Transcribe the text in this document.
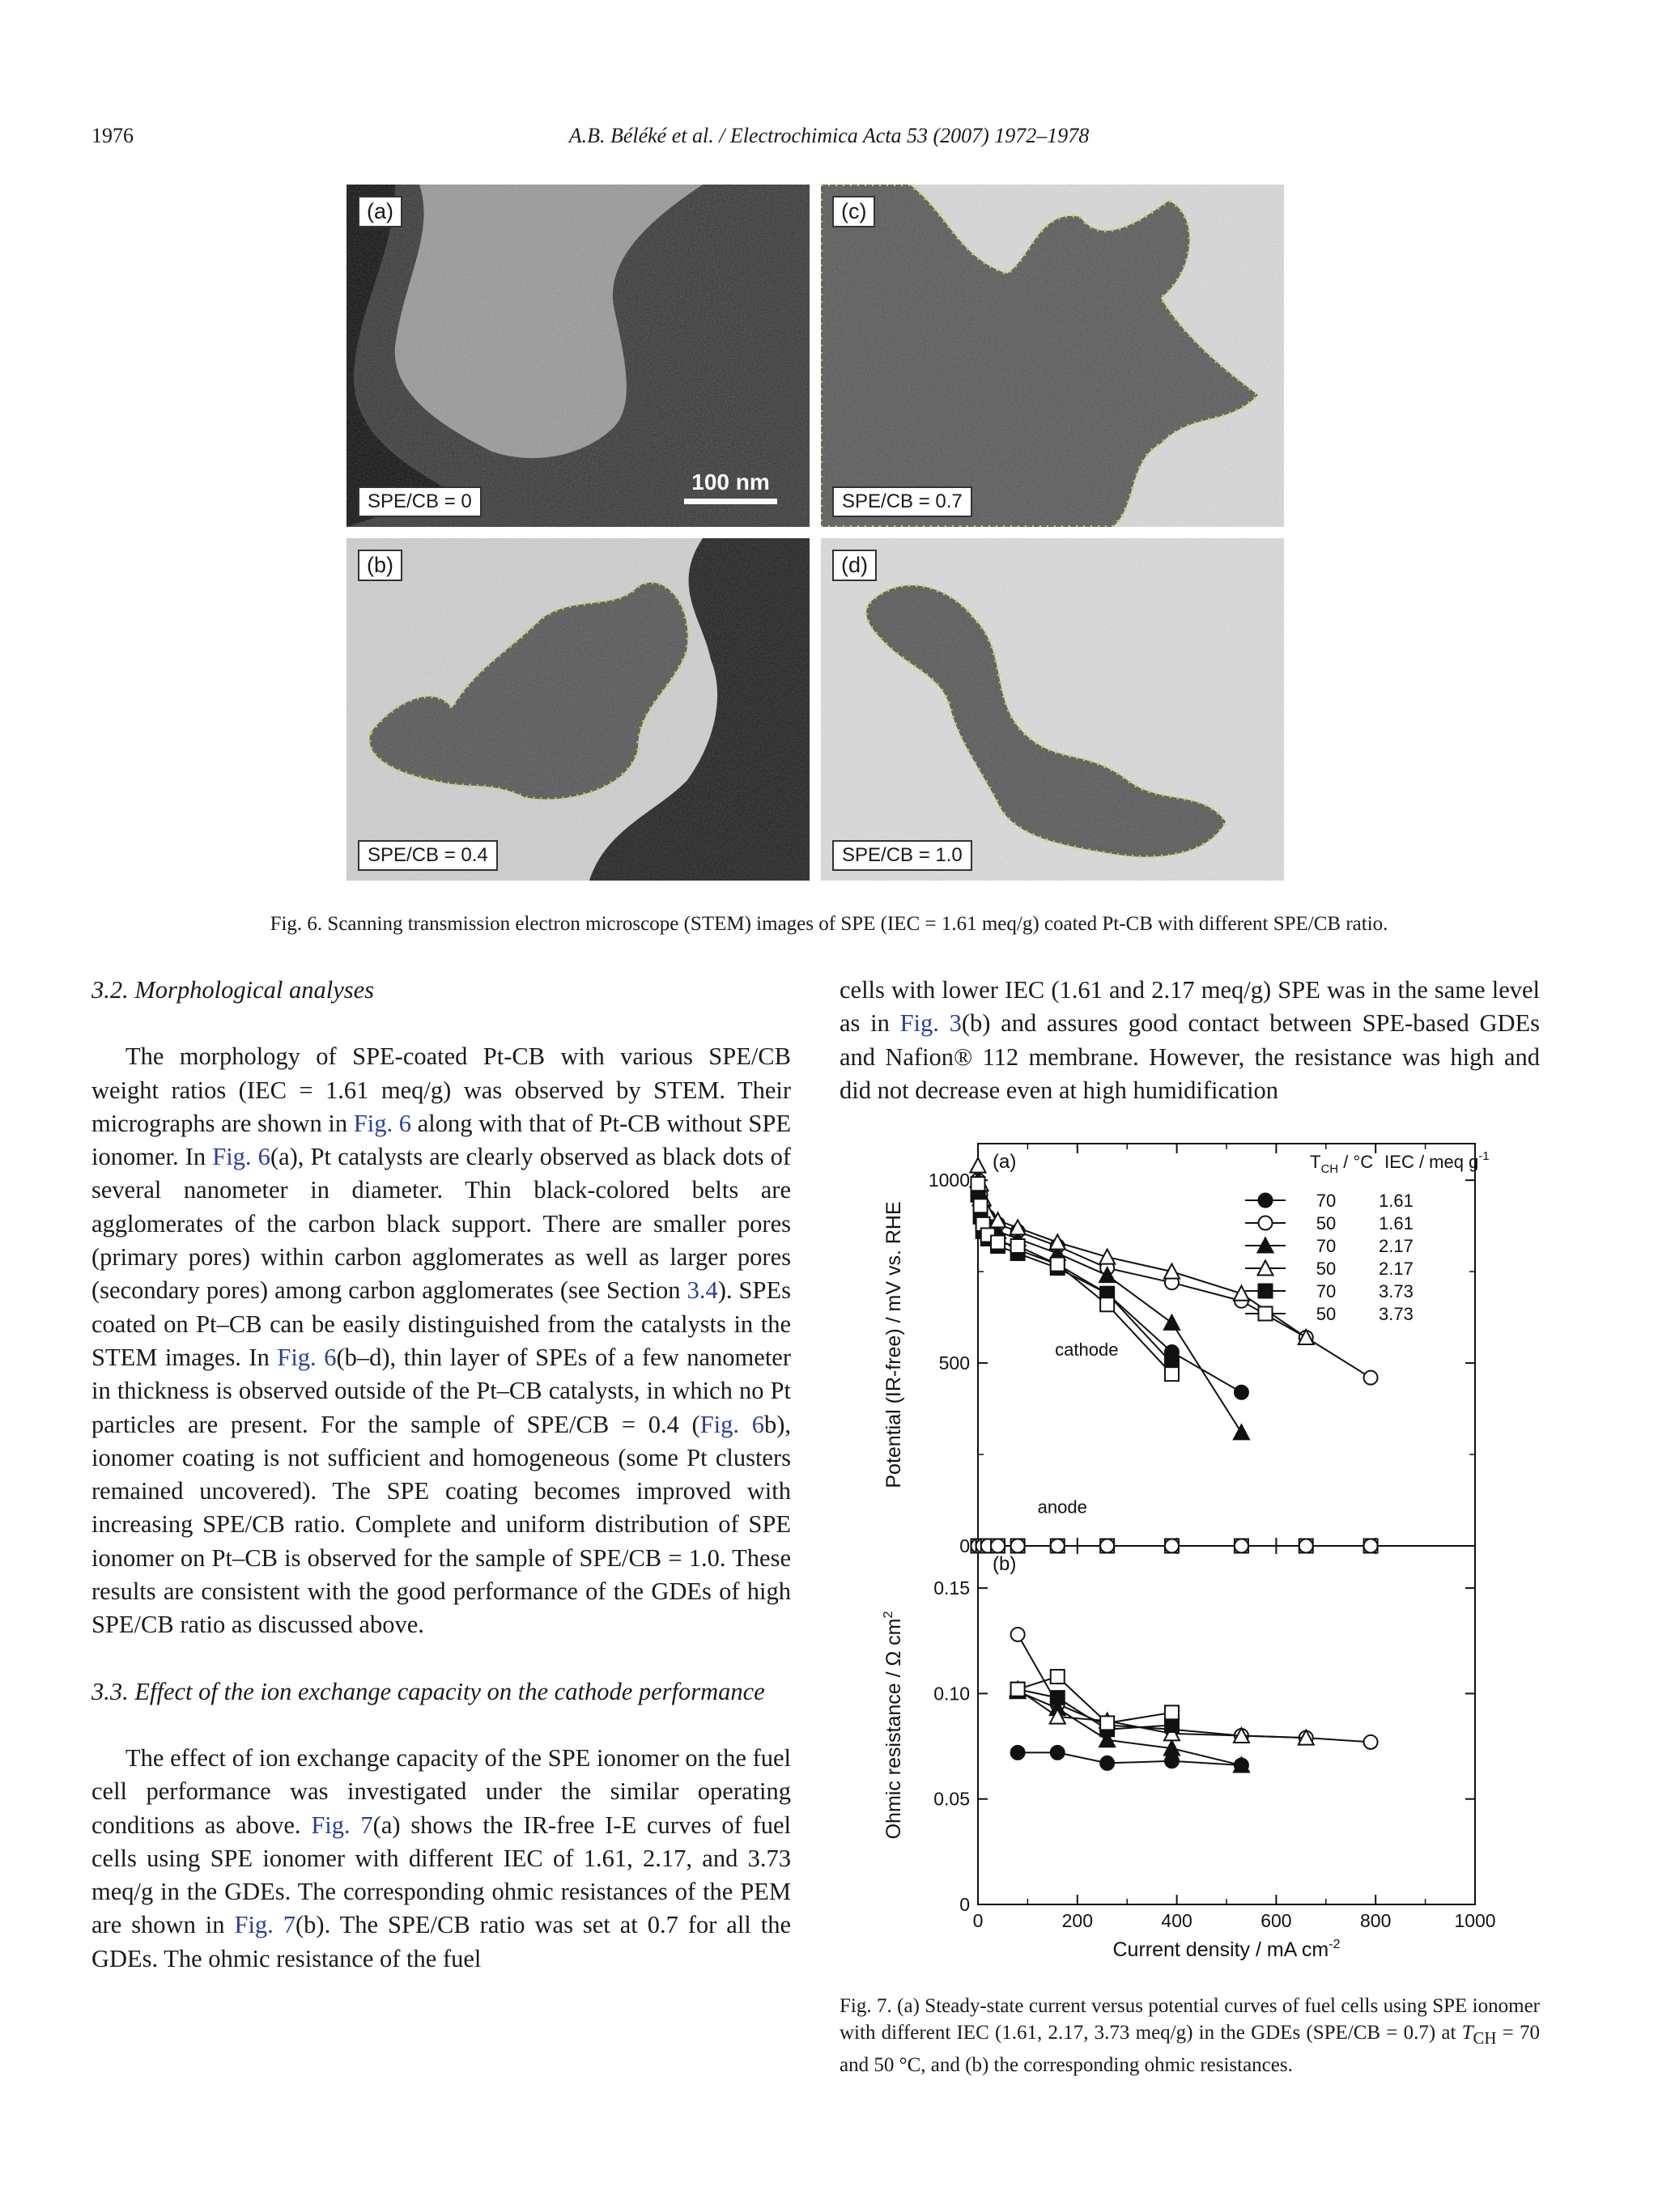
1976	A.B. Béléké et al. / Electrochimica Acta 53 (2007) 1972–1978
(a)
SPE/CB = 0
100 nm
(c)
SPE/CB = 0.7
(b)
SPE/CB = 0.4
(d)
SPE/CB = 1.0
Fig. 6. Scanning transmission electron microscope (STEM) images of SPE (IEC = 1.61 meq/g) coated Pt-CB with different SPE/CB ratio.

3.2. Morphological analyses

The morphology of SPE-coated Pt-CB with various SPE/CB weight ratios (IEC = 1.61 meq/g) was observed by STEM. Their micrographs are shown in Fig. 6 along with that of Pt-CB without SPE ionomer. In Fig. 6(a), Pt catalysts are clearly observed as black dots of several nanometer in diameter. Thin black-colored belts are agglomerates of the carbon black support. There are smaller pores (primary pores) within carbon agglomerates as well as larger pores (secondary pores) among carbon agglomerates (see Section 3.4). SPEs coated on Pt–CB can be easily distinguished from the catalysts in the STEM images. In Fig. 6(b–d), thin layer of SPEs of a few nanometer in thickness is observed outside of the Pt–CB catalysts, in which no Pt particles are present. For the sample of SPE/CB = 0.4 (Fig. 6b), ionomer coating is not sufficient and homogeneous (some Pt clusters remained uncovered). The SPE coating becomes improved with increasing SPE/CB ratio. Complete and uniform distribution of SPE ionomer on Pt–CB is observed for the sample of SPE/CB = 1.0. These results are consistent with the good performance of the GDEs of high SPE/CB ratio as discussed above.

3.3. Effect of the ion exchange capacity on the cathode performance

The effect of ion exchange capacity of the SPE ionomer on the fuel cell performance was investigated under the similar operating conditions as above. Fig. 7(a) shows the IR-free I-E curves of fuel cells using SPE ionomer with different IEC of 1.61, 2.17, and 3.73 meq/g in the GDEs. The corresponding ohmic resistances of the PEM are shown in Fig. 7(b). The SPE/CB ratio was set at 0.7 for all the GDEs. The ohmic resistance of the fuel

cells with lower IEC (1.61 and 2.17 meq/g) SPE was in the same level as in Fig. 3(b) and assures good contact between SPE-based GDEs and Nafion® 112 membrane. However, the resistance was high and did not decrease even at high humidification

0	200	400	600	800	1000
0
500
1000
0
0.05
0.10
0.15
70 1.61
50 1.61
70 2.17
50 2.17
70 3.73
50 3.73
(a)
(b)
cathode
anode
$T_{CH} / ^\circ C$ IEC / meq $g^{-1}$
Potential (IR-free) / mV vs. RHE
Ohmic resistance / Ω $cm^2$
Current density / mA $cm^{-2}$

Fig. 7. (a) Steady-state current versus potential curves of fuel cells using SPE ionomer with different IEC (1.61, 2.17, 3.73 meq/g) in the GDEs (SPE/CB = 0.7) at $T_{CH} = 70$ and 50 °C, and (b) the corresponding ohmic resistances.
